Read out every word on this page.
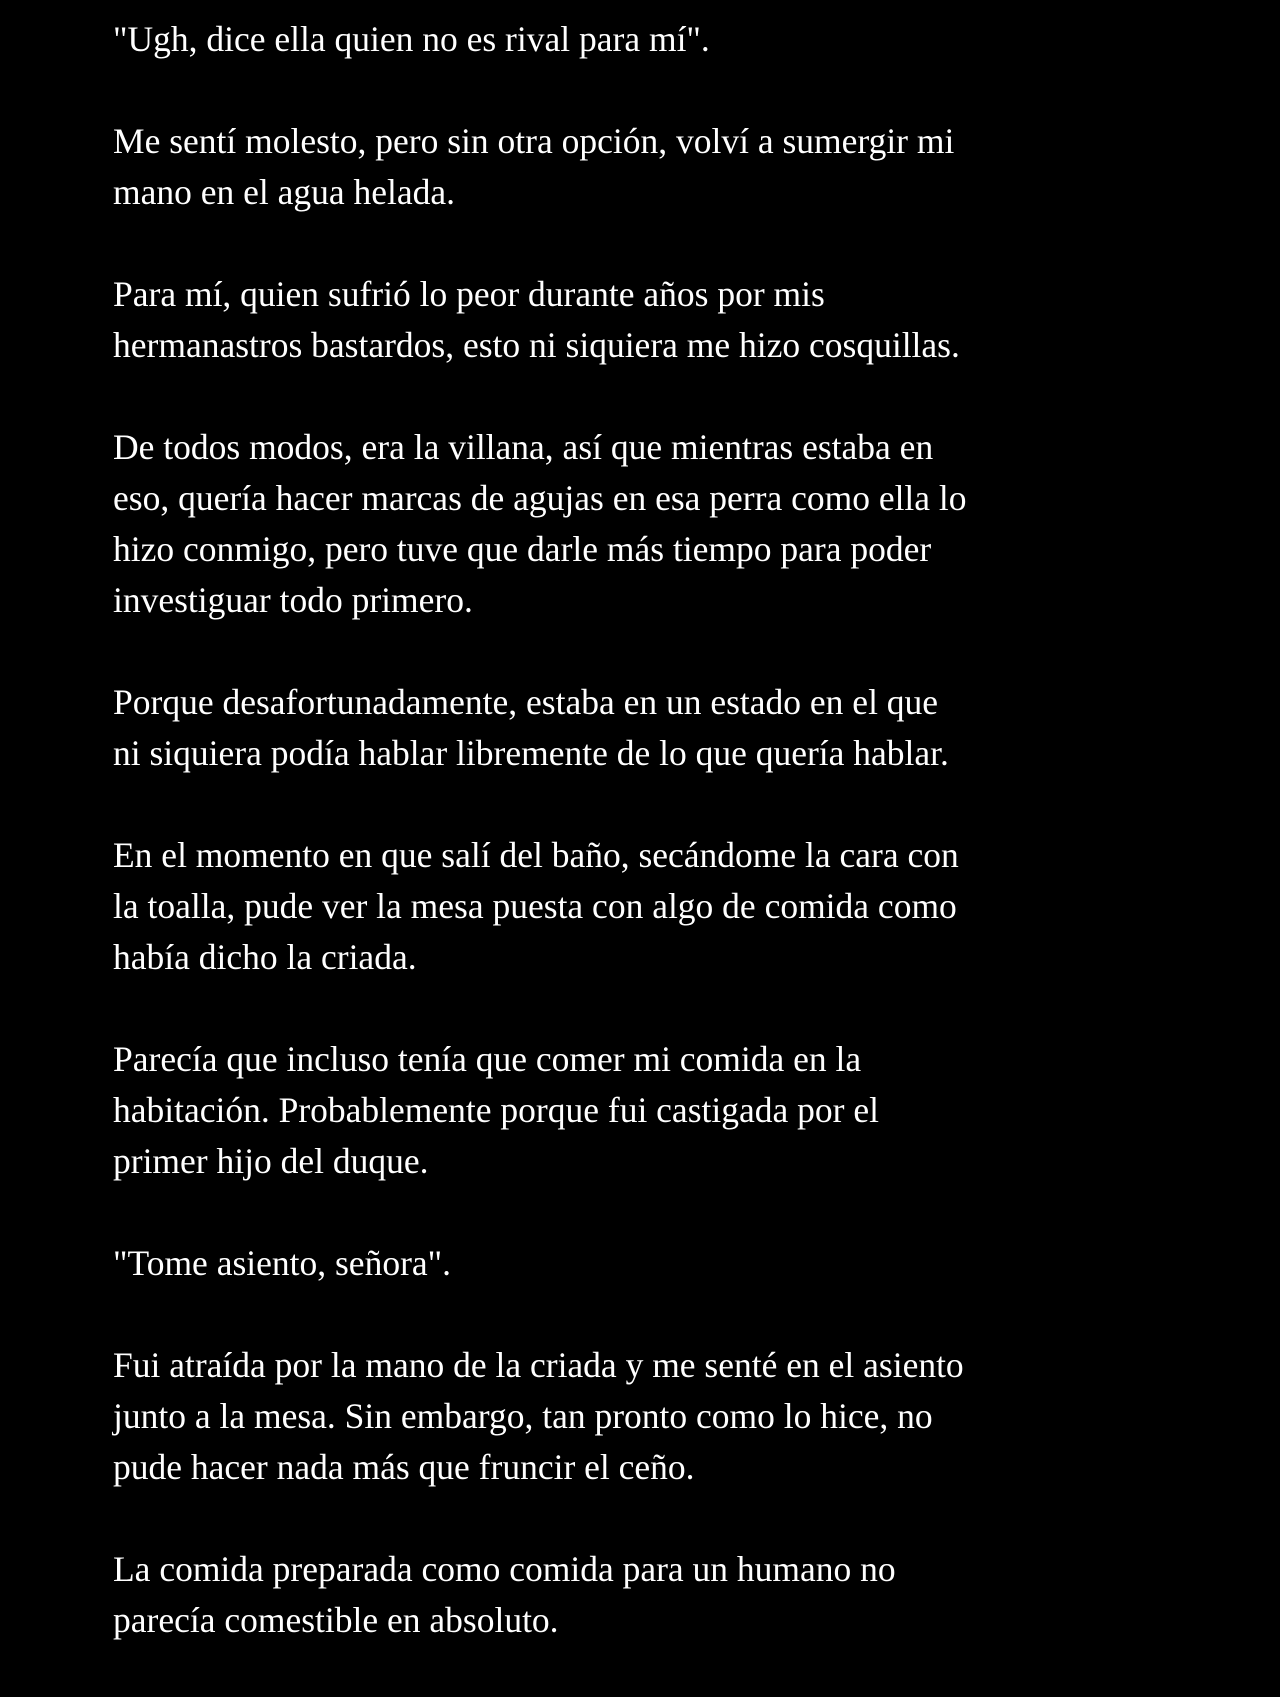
"Ugh, dice ella quien no es rival para mí".

Me sentí molesto, pero sin otra opción, volví a sumergir mi
mano en el agua helada.

Para mí, quien sufrió lo peor durante años por mis
hermanastros bastardos, esto ni siquiera me hizo cosquillas.

De todos modos, era la villana, así que mientras estaba en
eso, quería hacer marcas de agujas en esa perra como ella lo
hizo conmigo, pero tuve que darle más tiempo para poder
investiguar todo primero.

Porque desafortunadamente, estaba en un estado en el que
ni siquiera podía hablar libremente de lo que quería hablar.

En el momento en que salí del baño, secándome la cara con
la toalla, pude ver la mesa puesta con algo de comida como
había dicho la criada.

Parecía que incluso tenía que comer mi comida en la
habitación. Probablemente porque fui castigada por el
primer hijo del duque.

"Tome asiento, señora".

Fui atraída por la mano de la criada y me senté en el asiento
junto a la mesa. Sin embargo, tan pronto como lo hice, no
pude hacer nada más que fruncir el ceño.

La comida preparada como comida para un humano no
parecía comestible en absoluto.
